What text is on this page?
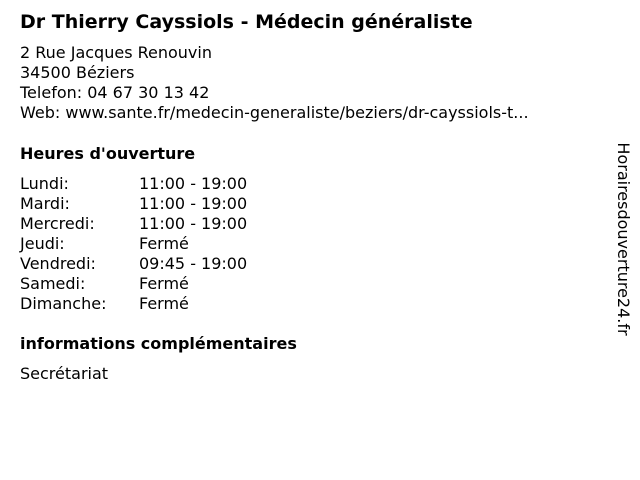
Dr Thierry Cayssiols - Médecin généraliste
2 Rue Jacques Renouvin
34500 Béziers
Telefon: 04 67 30 13 42
Web: www.sante.fr/medecin-generaliste/beziers/dr-cayssiols-t...
Heures d'ouverture
Lundi:	11:00 - 19:00
Mardi:	11:00 - 19:00
Mercredi:	11:00 - 19:00
Jeudi:	Fermé
Vendredi:	09:45 - 19:00
Samedi:	Fermé
Dimanche: Fermé
informations complémentaires
Secrétariat
Horairesdouverture24.fr
